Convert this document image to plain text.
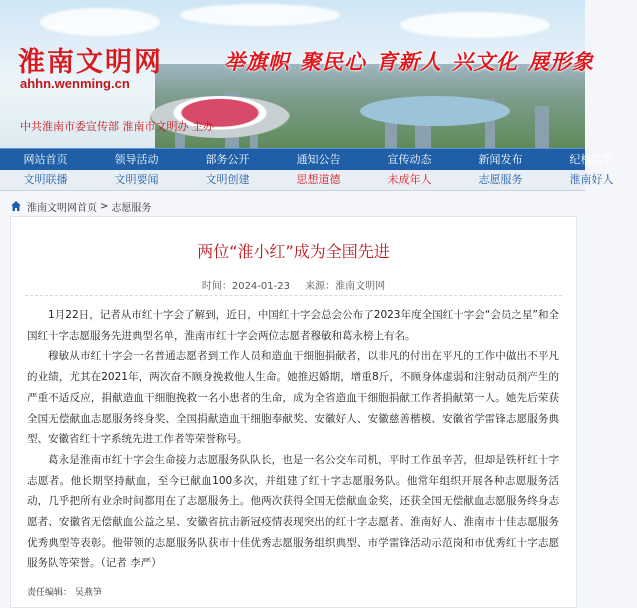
淮南文明网
ahhn.wenming.cn
中共淮南市委宣传部 淮南市文明办 主办
举旗帜 聚民心 育新人 兴文化 展形象
网站首页	领导活动	部务公开	通知公告	宣传动态	新闻发布	纪检监察
文明联播	文明要闻	文明创建	思想道德	未成年人	志愿服务	淮南好人
淮南文明网首页 > 志愿服务
两位“淮小红”成为全国先进
时间：2024-01-23 来源：淮南文明网

1月22日，记者从市红十字会了解到，近日，中国红十字会总会公布了2023年度全国红十字会“会员之星”和全国红十字志愿服务先进典型名单，淮南市红十字会两位志愿者穆敏和葛永榜上有名。

穆敏从市红十字会一名普通志愿者到工作人员和造血干细胞捐献者，以非凡的付出在平凡的工作中做出不平凡的业绩，尤其在2021年，两次奋不顾身挽救他人生命。她推迟婚期，增重8斤，不顾身体虚弱和注射动员剂产生的严重不适反应，捐献造血干细胞挽救一名小患者的生命，成为全省造血干细胞捐献工作者捐献第一人。她先后荣获全国无偿献血志愿服务终身奖、全国捐献造血干细胞奉献奖、安徽好人、安徽慈善楷模、安徽省学雷锋志愿服务典型、安徽省红十字系统先进工作者等荣誉称号。

葛永是淮南市红十字会生命接力志愿服务队队长，也是一名公交车司机，平时工作虽辛苦，但却是铁杆红十字志愿者。他长期坚持献血，至今已献血100多次，并组建了红十字志愿服务队。他常年组织开展各种志愿服务活动，几乎把所有业余时间都用在了志愿服务上。他两次获得全国无偿献血金奖，还获全国无偿献血志愿服务终身志愿者、安徽省无偿献血公益之星、安徽省抗击新冠疫情表现突出的红十字志愿者、淮南好人、淮南市十佳志愿服务优秀典型等表彰。他带领的志愿服务队获市十佳优秀志愿服务组织典型、市学雷锋活动示范岗和市优秀红十字志愿服务队等荣誉。（记者 李严）

责任编辑： 吴燕笋
